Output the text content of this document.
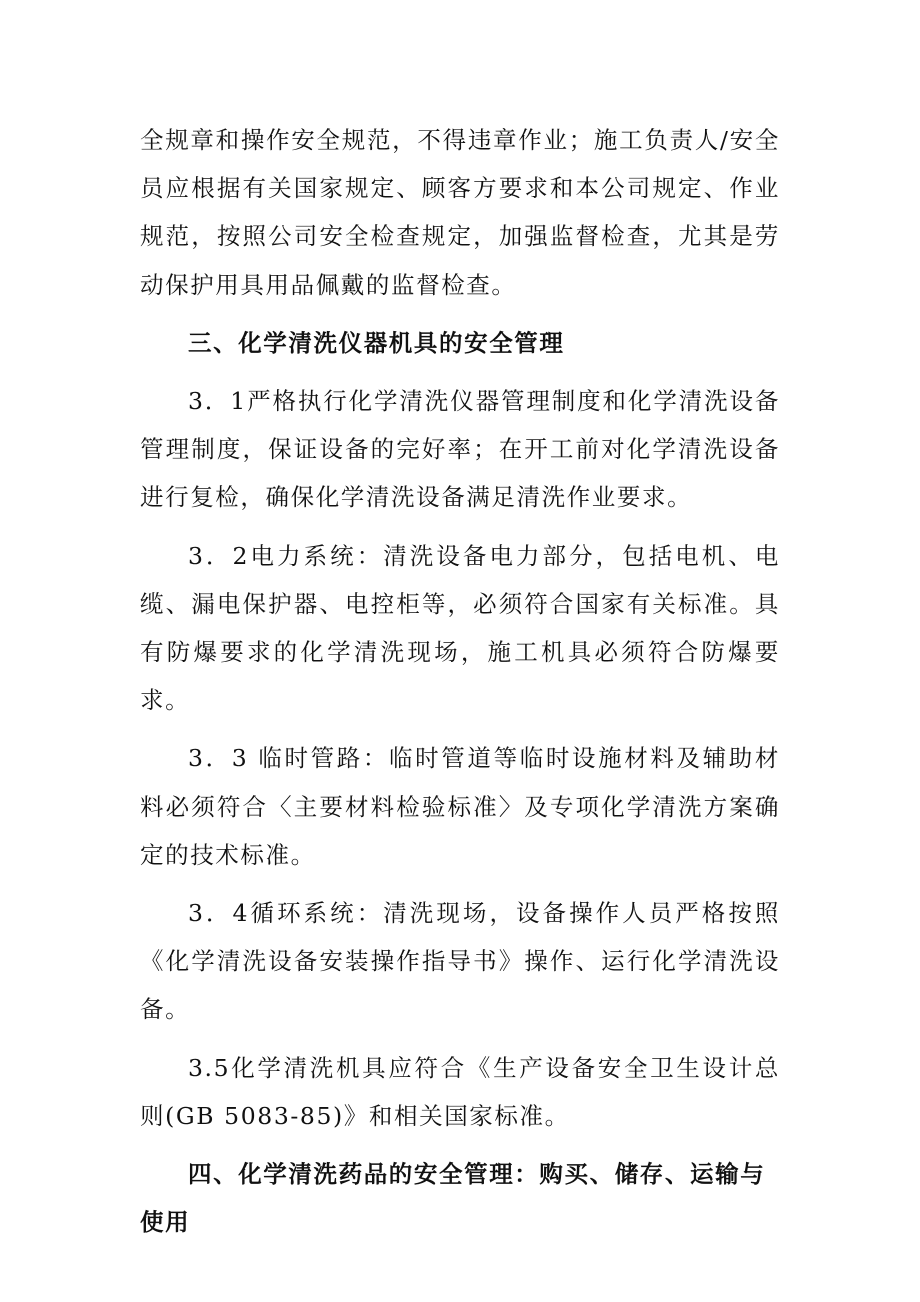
全规章和操作安全规范，不得违章作业；施工负责人/安全员应根据有关国家规定、顾客方要求和本公司规定、作业规范，按照公司安全检查规定，加强监督检查，尤其是劳动保护用具用品佩戴的监督检查。

三、化学清洗仪器机具的安全管理

3．1严格执行化学清洗仪器管理制度和化学清洗设备管理制度，保证设备的完好率；在开工前对化学清洗设备进行复检，确保化学清洗设备满足清洗作业要求。

3．2电力系统：清洗设备电力部分，包括电机、电缆、漏电保护器、电控柜等，必须符合国家有关标准。具有防爆要求的化学清洗现场，施工机具必须符合防爆要求。

3．3 临时管路：临时管道等临时设施材料及辅助材料必须符合〈主要材料检验标准〉及专项化学清洗方案确定的技术标准。

3．4循环系统：清洗现场，设备操作人员严格按照《化学清洗设备安装操作指导书》操作、运行化学清洗设备。

3.5化学清洗机具应符合《生产设备安全卫生设计总则(GB 5083-85)》和相关国家标准。

四、化学清洗药品的安全管理：购买、储存、运输与使用
